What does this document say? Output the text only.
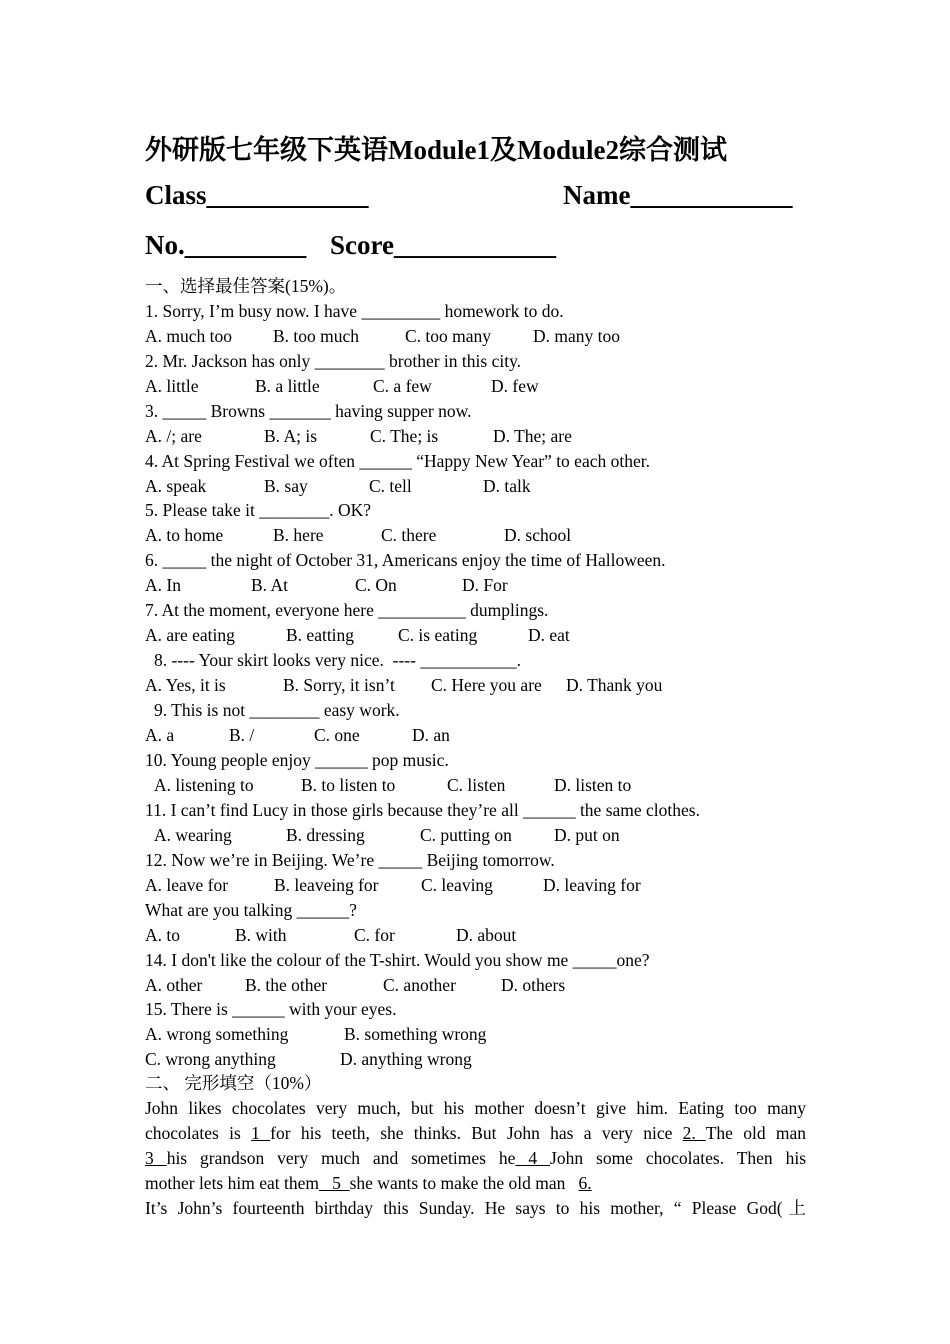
外研版七年级下英语Module1及Module2综合测试
Class____________	Name____________
No._________ Score____________
一、选择最佳答案(15%)。
1. Sorry, I’m busy now. I have _________ homework to do.
A. much too B. too much	C. too many D. many too
2. Mr. Jackson has only ________ brother in this city.
A. little	B. a little	C. a few	D. few
3. _____ Browns _______ having supper now.
A. /; are	B. A; is	C. The; is	D. The; are
4. At Spring Festival we often ______ “Happy New Year” to each other.
A. speak	B. say	C. tell	D. talk
5. Please take it ________. OK?
A. to home	B. here	C. there	D. school
6. _____ the night of October 31, Americans enjoy the time of Halloween.
A. In	B. At	C. On	D. For
7. At the moment, everyone here __________ dumplings.
A. are eating	B. eatting	C. is eating	D. eat
8. ---- Your skirt looks very nice.  ---- ___________.
A. Yes, it is	B. Sorry, it isn’t C. Here you are D. Thank you
9. This is not ________ easy work.
A. a	B. /	C. one	D. an
10. Young people enjoy ______ pop music.
A. listening to	B. to listen to	C. listen	D. listen to
11. I can’t find Lucy in those girls because they’re all ______ the same clothes.
A. wearing	B. dressing	C. putting on D. put on
12. Now we’re in Beijing. We’re _____ Beijing tomorrow.
A. leave for	B. leaveing for C. leaving	D. leaving for
What are you talking ______?
A. to	B. with	C. for	D. about
14. I don't like the colour of the T-shirt. Would you show me _____one?
A. other B. the other	C. another	D. others
15. There is ______ with your eyes.
A. wrong something	B. something wrong
C. wrong anything	D. anything wrong
二、 完形填空（10%）
John likes chocolates very much, but his mother doesn’t give him. Eating too many
chocolates is 1 for his teeth, she thinks. But John has a very nice 2. The old man
3 his grandson very much and sometimes he 4 John some chocolates. Then his
mother lets him eat them   5  she wants to make the old man   6.
It’s John’s fourteenth birthday this Sunday. He says to his mother, “ Please God(上
